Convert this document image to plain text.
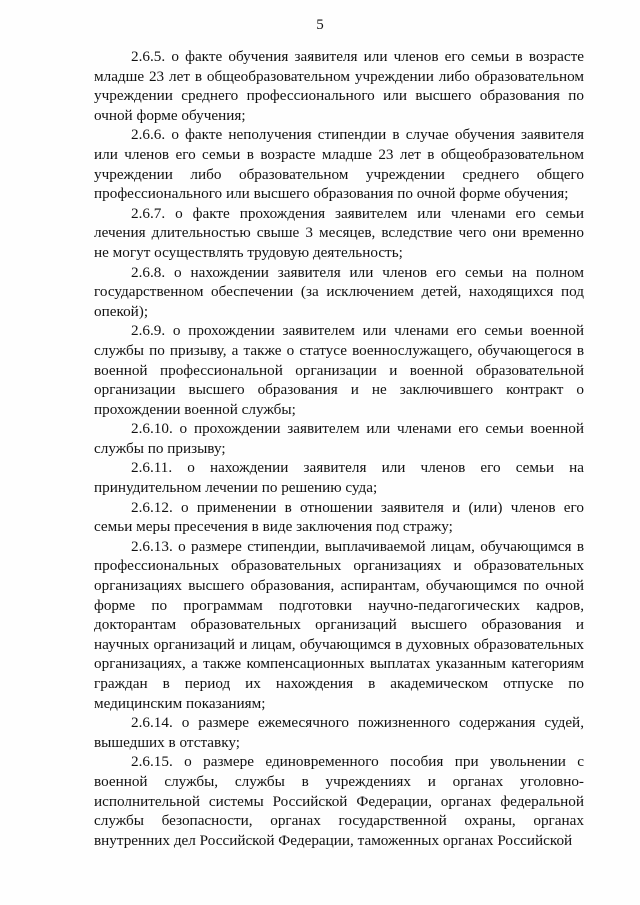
5

2.6.5. о факте обучения заявителя или членов его семьи в возрасте младше 23 лет в общеобразовательном учреждении либо образовательном учреждении среднего профессионального или высшего образования по очной форме обучения;

2.6.6. о факте неполучения стипендии в случае обучения заявителя или членов его семьи в возрасте младше 23 лет в общеобразовательном учреждении либо образовательном учреждении среднего общего профессионального или высшего образования по очной форме обучения;

2.6.7. о факте прохождения заявителем или членами его семьи лечения длительностью свыше 3 месяцев, вследствие чего они временно не могут осуществлять трудовую деятельность;

2.6.8. о нахождении заявителя или членов его семьи на полном государственном обеспечении (за исключением детей, находящихся под опекой);

2.6.9. о прохождении заявителем или членами его семьи военной службы по призыву, а также о статусе военнослужащего, обучающегося в военной профессиональной организации и военной образовательной организации высшего образования и не заключившего контракт о прохождении военной службы;

2.6.10. о прохождении заявителем или членами его семьи военной службы по призыву;

2.6.11. о нахождении заявителя или членов его семьи на принудительном лечении по решению суда;

2.6.12. о применении в отношении заявителя и (или) членов его семьи меры пресечения в виде заключения под стражу;

2.6.13. о размере стипендии, выплачиваемой лицам, обучающимся в профессиональных образовательных организациях и образовательных организациях высшего образования, аспирантам, обучающимся по очной форме по программам подготовки научно-педагогических кадров, докторантам образовательных организаций высшего образования и научных организаций и лицам, обучающимся в духовных образовательных организациях, а также компенсационных выплатах указанным категориям граждан в период их нахождения в академическом отпуске по медицинским показаниям;

2.6.14. о размере ежемесячного пожизненного содержания судей, вышедших в отставку;

2.6.15. о размере единовременного пособия при увольнении с военной службы, службы в учреждениях и органах уголовно-исполнительной системы Российской Федерации, органах федеральной службы безопасности, органах государственной охраны, органах внутренних дел Российской Федерации, таможенных органах Российской
